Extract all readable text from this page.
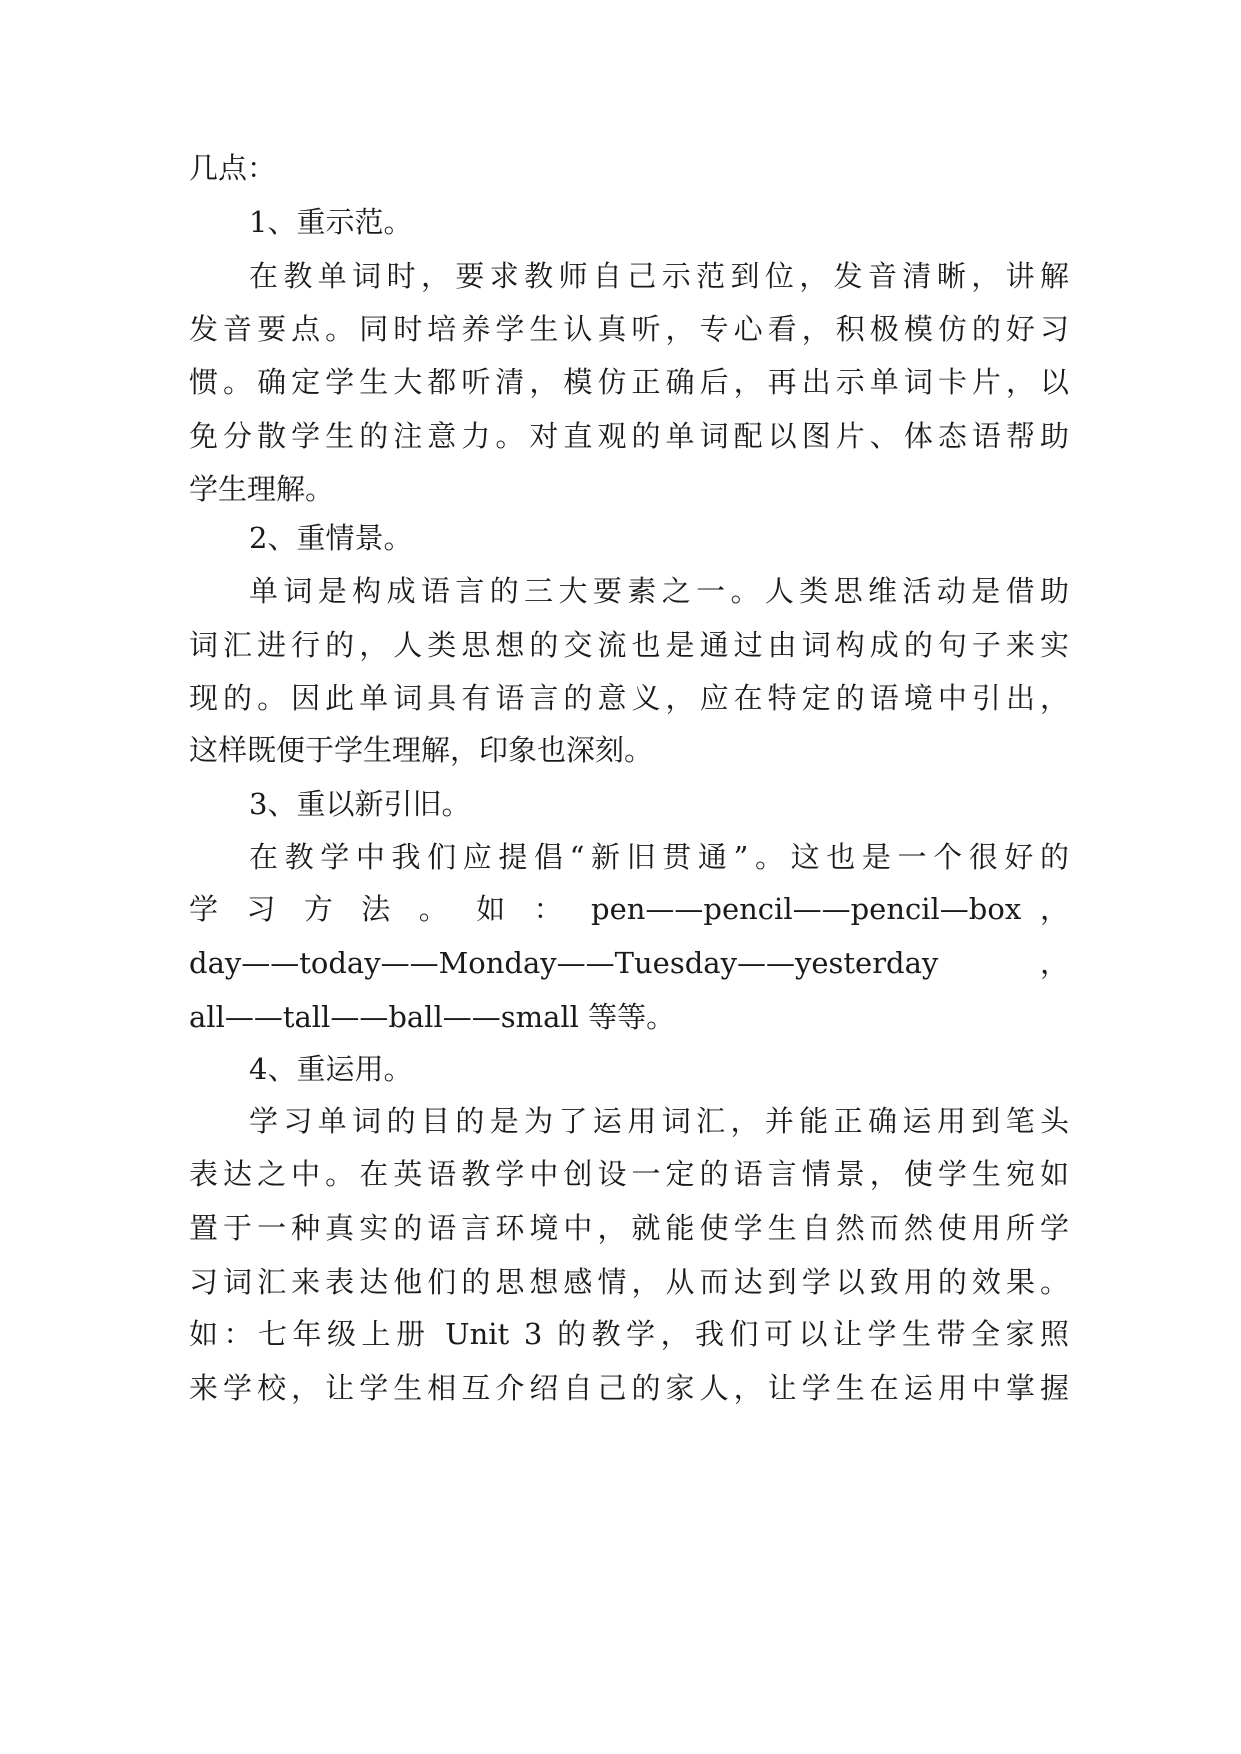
几点：
1、重示范。
在教单词时，要求教师自己示范到位，发音清晰，讲解
发音要点。同时培养学生认真听，专心看，积极模仿的好习
惯。确定学生大都听清，模仿正确后，再出示单词卡片，以
免分散学生的注意力。对直观的单词配以图片、体态语帮助
学生理解。
2、重情景。
单词是构成语言的三大要素之一。人类思维活动是借助
词汇进行的，人类思想的交流也是通过由词构成的句子来实
现的。因此单词具有语言的意义，应在特定的语境中引出，
这样既便于学生理解，印象也深刻。
3、重以新引旧。
在教学中我们应提倡“新旧贯通”。这也是一个很好的
学 习 方 法 。 如 ： pen——pencil——pencil—box ，
day——today——Monday——Tuesday——yesterday ，
all——tall——ball——small 等等。
4、重运用。
学习单词的目的是为了运用词汇，并能正确运用到笔头
表达之中。在英语教学中创设一定的语言情景，使学生宛如
置于一种真实的语言环境中，就能使学生自然而然使用所学
习词汇来表达他们的思想感情，从而达到学以致用的效果。
如：七年级上册 Unit 3 的教学，我们可以让学生带全家照
来学校，让学生相互介绍自己的家人，让学生在运用中掌握
